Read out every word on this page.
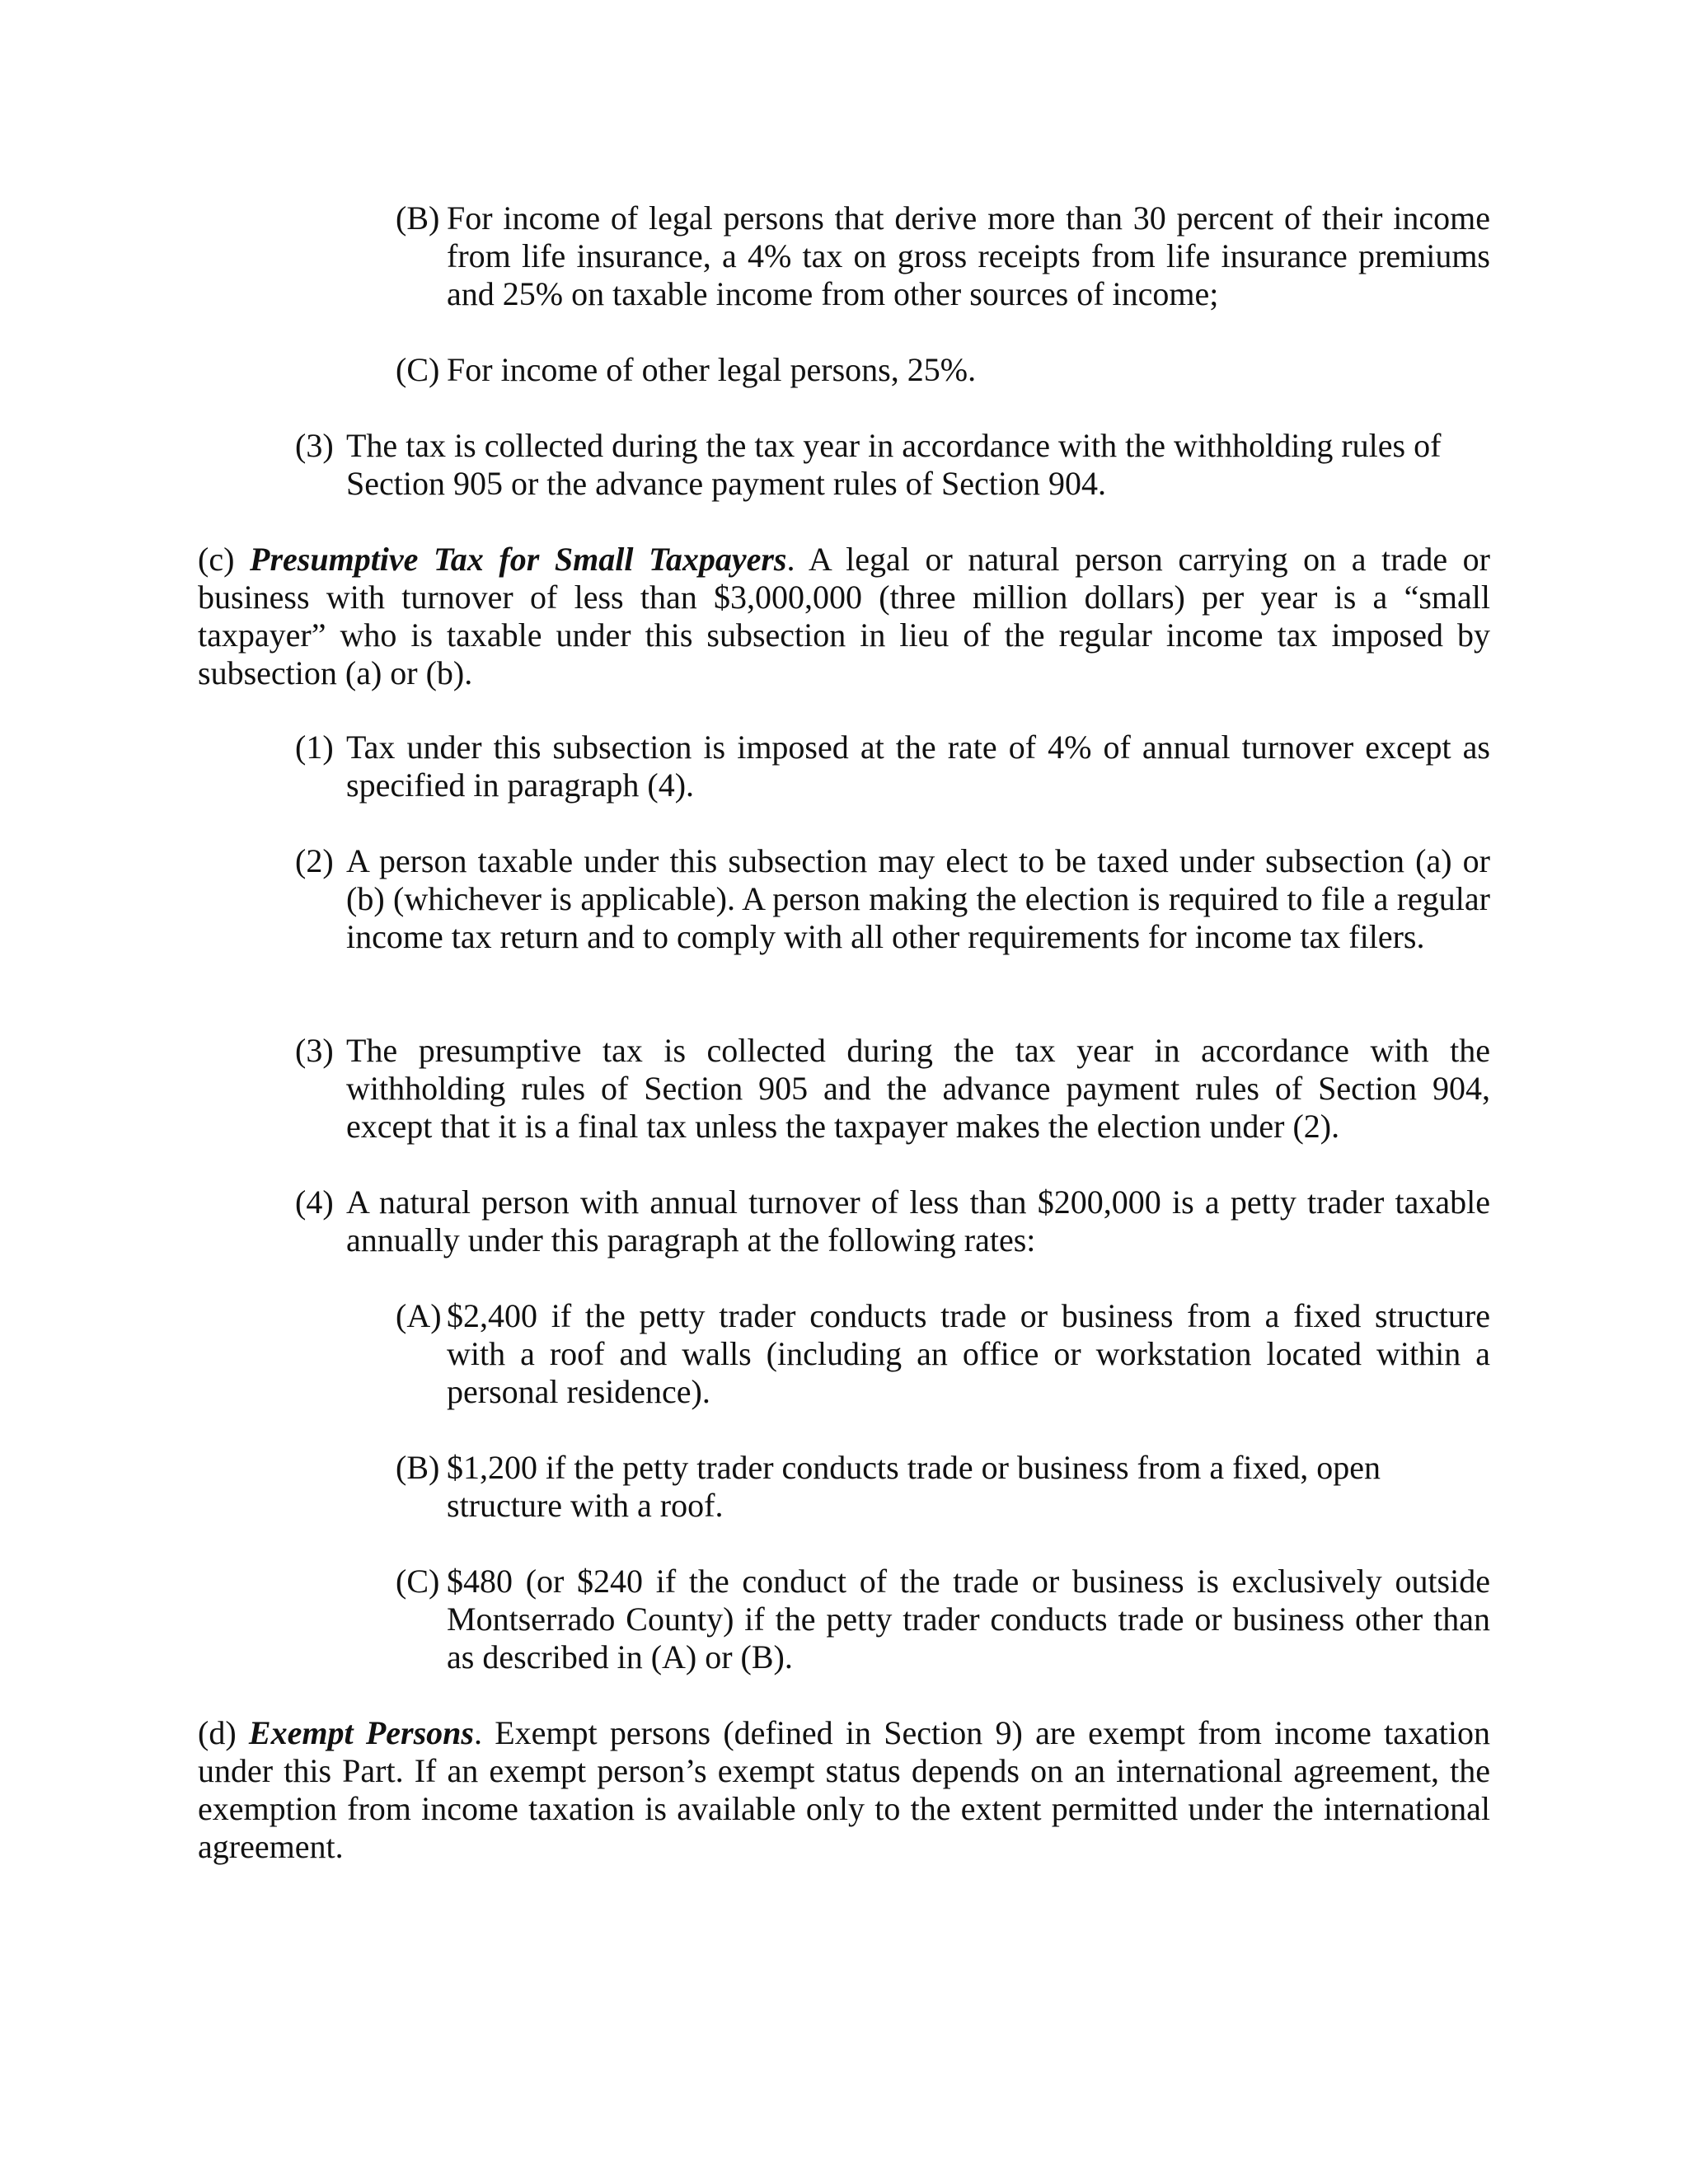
(B) For income of legal persons that derive more than 30 percent of their income from life insurance, a 4% tax on gross receipts from life insurance premiums and 25% on taxable income from other sources of income;
(C) For income of other legal persons, 25%.
(3) The tax is collected during the tax year in accordance with the withholding rules of Section 905 or the advance payment rules of Section 904.
(c) Presumptive Tax for Small Taxpayers. A legal or natural person carrying on a trade or business with turnover of less than $3,000,000 (three million dollars) per year is a “small taxpayer” who is taxable under this subsection in lieu of the regular income tax imposed by subsection (a) or (b).
(1) Tax under this subsection is imposed at the rate of 4% of annual turnover except as specified in paragraph (4).
(2) A person taxable under this subsection may elect to be taxed under subsection (a) or (b) (whichever is applicable). A person making the election is required to file a regular income tax return and to comply with all other requirements for income tax filers.
(3) The presumptive tax is collected during the tax year in accordance with the withholding rules of Section 905 and the advance payment rules of Section 904, except that it is a final tax unless the taxpayer makes the election under (2).
(4) A natural person with annual turnover of less than $200,000 is a petty trader taxable annually under this paragraph at the following rates:
(A) $2,400 if the petty trader conducts trade or business from a fixed structure with a roof and walls (including an office or workstation located within a personal residence).
(B) $1,200 if the petty trader conducts trade or business from a fixed, open structure with a roof.
(C) $480 (or $240 if the conduct of the trade or business is exclusively outside Montserrado County) if the petty trader conducts trade or business other than as described in (A) or (B).
(d) Exempt Persons. Exempt persons (defined in Section 9) are exempt from income taxation under this Part. If an exempt person’s exempt status depends on an international agreement, the exemption from income taxation is available only to the extent permitted under the international agreement.
